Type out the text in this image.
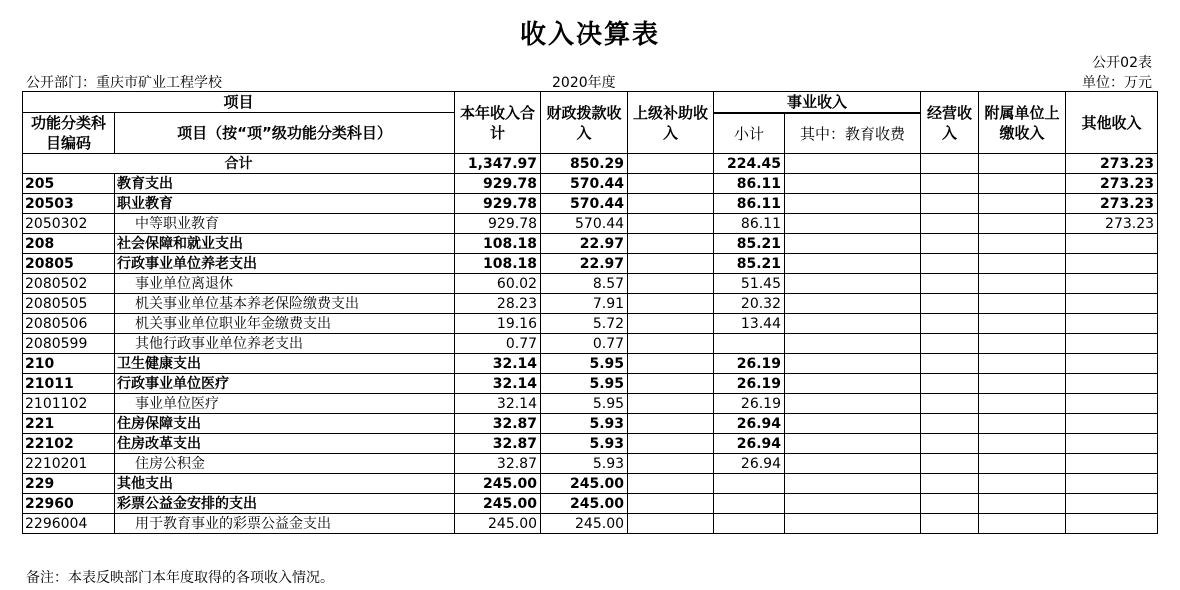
收入决算表
公开02表
公开部门：重庆市矿业工程学校	2020年度	单位：万元
项目		本年收入合计	财政拨款收入	上级补助收入	事业收入		经营收入	附属单位上缴收入	其他收入
功能分类科目编码	项目（按“项”级功能分类科目）								
					小计	其中：教育收费			
合计		1,347.97	850.29		224.45				273.23
205	教育支出	929.78	570.44		86.11				273.23
20503	职业教育	929.78	570.44		86.11				273.23
2050302	中等职业教育	929.78	570.44		86.11				273.23
208	社会保障和就业支出	108.18	22.97		85.21				
20805	行政事业单位养老支出	108.18	22.97		85.21				
2080502	事业单位离退休	60.02	8.57		51.45				
2080505	机关事业单位基本养老保险缴费支出	28.23	7.91		20.32				
2080506	机关事业单位职业年金缴费支出	19.16	5.72		13.44				
2080599	其他行政事业单位养老支出	0.77	0.77						
210	卫生健康支出	32.14	5.95		26.19				
21011	行政事业单位医疗	32.14	5.95		26.19				
2101102	事业单位医疗	32.14	5.95		26.19				
221	住房保障支出	32.87	5.93		26.94				
22102	住房改革支出	32.87	5.93		26.94				
2210201	住房公积金	32.87	5.93		26.94				
229	其他支出	245.00	245.00						
22960	彩票公益金安排的支出	245.00	245.00						
2296004	用于教育事业的彩票公益金支出	245.00	245.00						
备注：本表反映部门本年度取得的各项收入情况。
